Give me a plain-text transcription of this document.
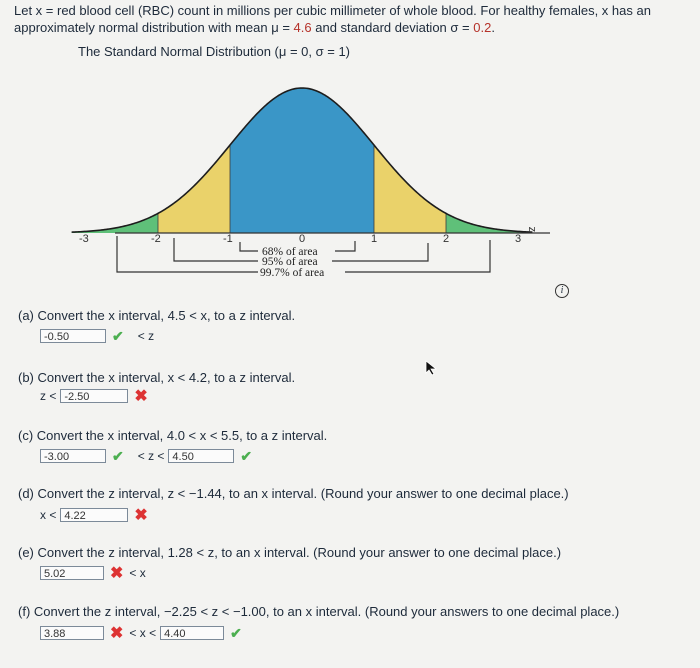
Let x = red blood cell (RBC) count in millions per cubic millimeter of whole blood. For healthy females, x has an
approximately normal distribution with mean μ = 4.6 and standard deviation σ = 0.2.
The Standard Normal Distribution (μ = 0, σ = 1)
-3	-2	-1	0	1	2	3
z
68% of area
95% of area
99.7% of area
i
(a) Convert the x interval, 4.5 < x, to a z interval.
-0.50	✔ < z
(b) Convert the x interval, x < 4.2, to a z interval.
z < -2.50	✖
(c) Convert the x interval, 4.0 < x < 5.5, to a z interval.
-3.00	✔ < z < 4.50	✔
(d) Convert the z interval, z < −1.44, to an x interval. (Round your answer to one decimal place.)
x < 4.22	✖
(e) Convert the z interval, 1.28 < z, to an x interval. (Round your answer to one decimal place.)
5.02	✖ < x
(f) Convert the z interval, −2.25 < z < −1.00, to an x interval. (Round your answers to one decimal place.)
3.88	✖ < x < 4.40	✔
